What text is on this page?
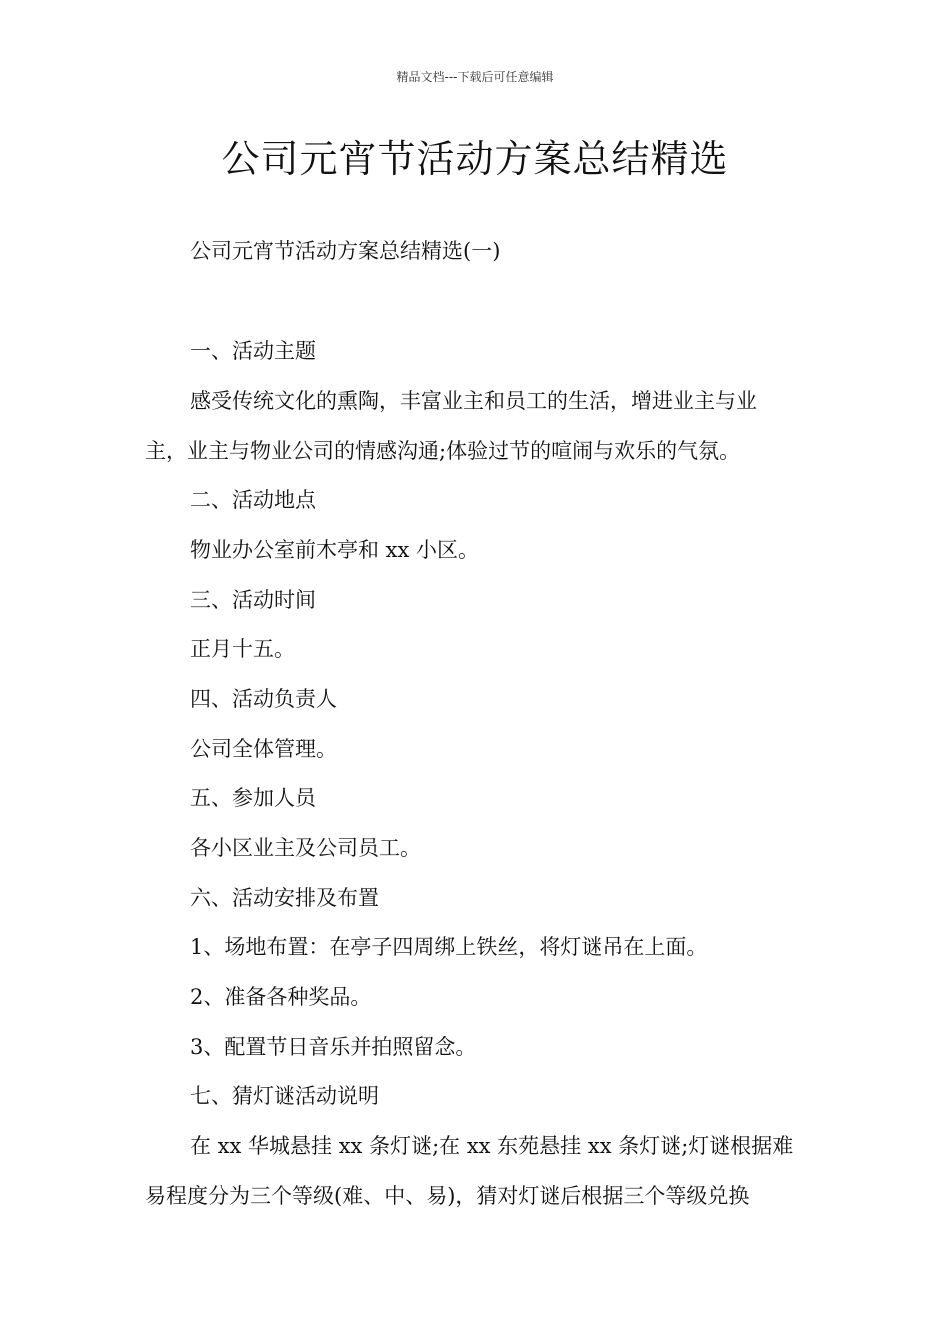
精品文档---下载后可任意编辑
公司元宵节活动方案总结精选
公司元宵节活动方案总结精选(一)
一、活动主题
感受传统文化的熏陶，丰富业主和员工的生活，增进业主与业
主，业主与物业公司的情感沟通;体验过节的喧闹与欢乐的气氛。
二、活动地点
物业办公室前木亭和 xx 小区。
三、活动时间
正月十五。
四、活动负责人
公司全体管理。
五、参加人员
各小区业主及公司员工。
六、活动安排及布置
1、场地布置：在亭子四周绑上铁丝，将灯谜吊在上面。
2、准备各种奖品。
3、配置节日音乐并拍照留念。
七、猜灯谜活动说明
在 xx 华城悬挂 xx 条灯谜;在 xx 东苑悬挂 xx 条灯谜;灯谜根据难
易程度分为三个等级(难、中、易)，猜对灯谜后根据三个等级兑换
